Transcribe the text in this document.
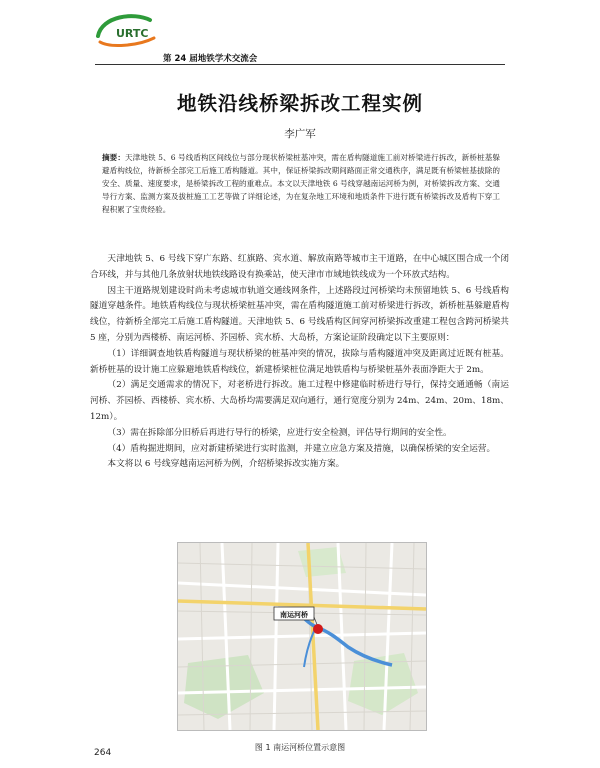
URTC
第 24 届地铁学术交流会
地铁沿线桥梁拆改工程实例
李广军
摘要：天津地铁 5、6 号线盾构区间线位与部分现状桥梁桩基冲突，需在盾构隧道施工前对桥梁进行拆改，新桥桩基躲避盾构线位，待新桥全部完工后施工盾构隧道。其中，保证桥梁拆改期间路面正常交通秩序，满足既有桥梁桩基拔除的安全、质量、速度要求，是桥梁拆改工程的重难点。本文以天津地铁 6 号线穿越南运河桥为例，对桥梁拆改方案、交通导行方案、监测方案及拔桩施工工艺等做了详细论述，为在复杂地工环境和地质条件下进行既有桥梁拆改及盾构下穿工程积累了宝贵经验。

天津地铁 5、6 号线下穿广东路、红旗路、宾水道、解放南路等城市主干道路，在中心城区围合成一个闭合环线，并与其他几条放射状地铁线路设有换乘站，使天津市市域地铁线成为一个环放式结构。

因主干道路规划建设时尚未考虑城市轨道交通线网条件，上述路段过河桥梁均未预留地铁 5、6 号线盾构隧道穿越条件。地铁盾构线位与现状桥梁桩基冲突，需在盾构隧道施工前对桥梁进行拆改，新桥桩基躲避盾构线位，待新桥全部完工后施工盾构隧道。天津地铁 5、6 号线盾构区间穿河桥梁拆改重建工程包含跨河桥梁共 5 座，分别为西楼桥、南运河桥、芥园桥、宾水桥、大岛桥，方案论证阶段确定以下主要原则：

（1）详细调查地铁盾构隧道与现状桥梁的桩基冲突的情况，拔除与盾构隧道冲突及距离过近既有桩基。新桥桩基的设计施工应躲避地铁盾构线位，新建桥梁桩位满足地铁盾构与桥梁桩基外表面净距大于 2m。

（2）满足交通需求的情况下，对老桥进行拆改。施工过程中修建临时桥进行导行，保持交通通畅（南运河桥、芥园桥、西楼桥、宾水桥、大岛桥均需要满足双向通行，通行宽度分别为 24m、24m、20m、18m、12m）。

（3）需在拆除部分旧桥后再进行导行的桥梁，应进行安全检测，评估导行期间的安全性。

（4）盾构掘进期间，应对新建桥梁进行实时监测，并建立应急方案及措施，以确保桥梁的安全运营。

本文将以 6 号线穿越南运河桥为例，介绍桥梁拆改实施方案。

南运河桥
图 1 南运河桥位置示意图
264
